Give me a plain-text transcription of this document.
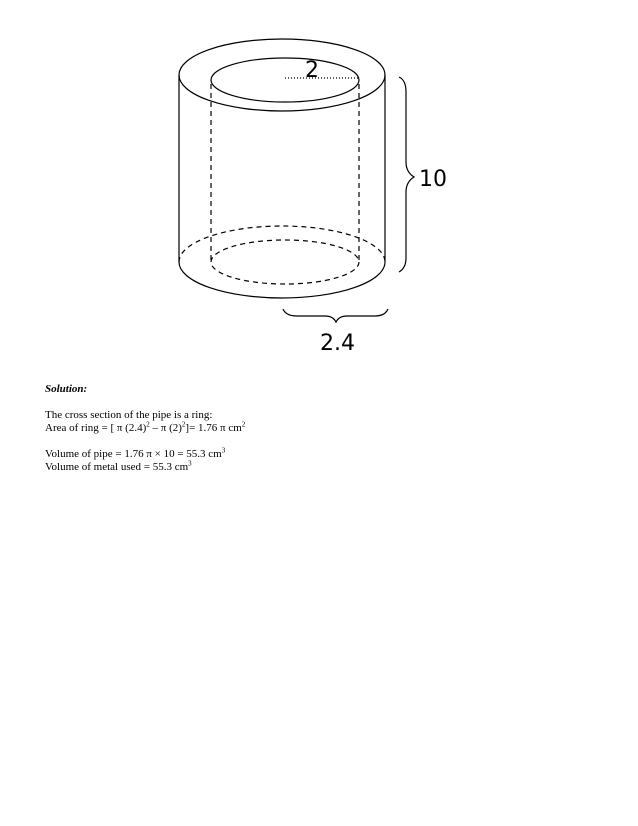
2
10
2.4
Solution:
The cross section of the pipe is a ring:
Area of ring = [ π $(2.4)^2$ – π $(2)^2]= 1.76$ π $cm^2$
Volume of pipe = 1.76 π × 10 = 55.3 $cm^3$
Volume of metal used = 55.3 $cm^3$
